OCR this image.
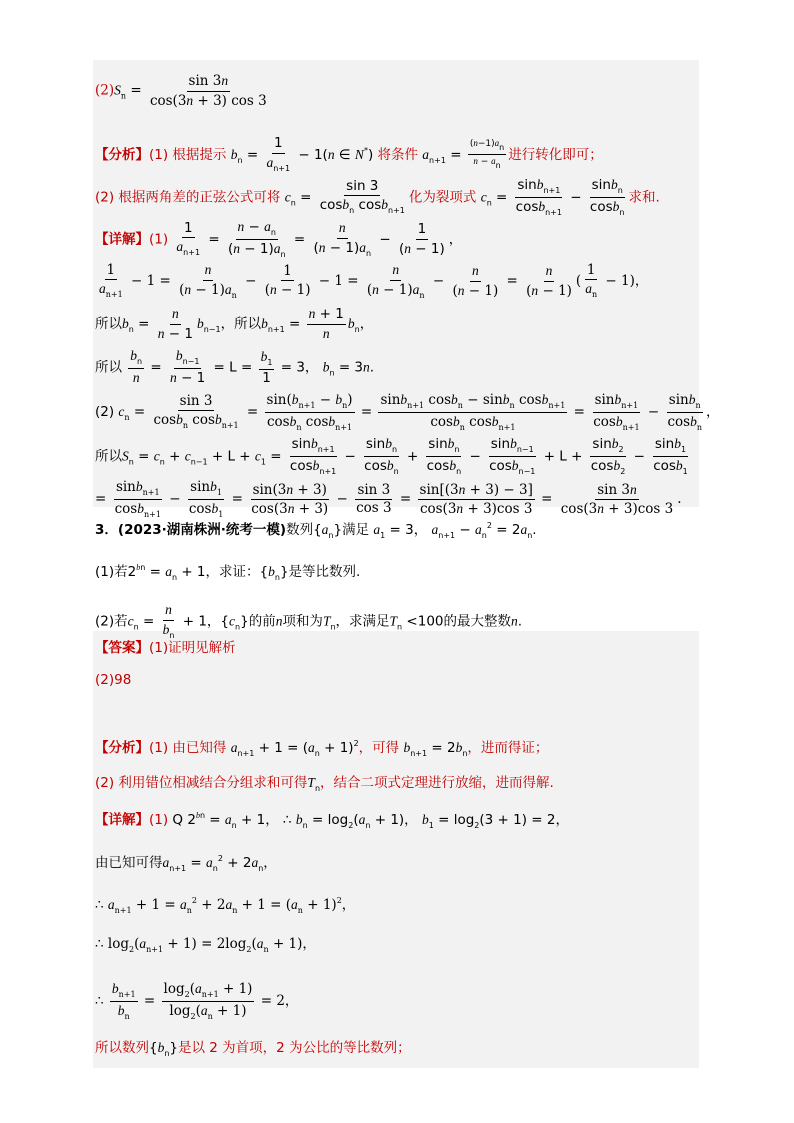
$(2)S_n = \frac{\sin 3n}{\cos(3n + 3) \cos 3}$
【分析】(1) 根据提示 $b_n = \frac{1}{a_{n+1}} - 1(n$ ∈ N*) 将条件 $a_{n+1} = \frac{(n-1)an}{n - an}$ 进行转化即可；
(2) 根据两角差的正弦公式可将 $c_n = \frac{\sin 3}{\cos b_n \cos b_{n+1}}$ 化为裂项式 $c_n = \frac{\sin b_{n+1}}{\cos b_{n+1}} - \frac{\sin b_n}{\cos b_n}$ 求和.
【详解】$(1) \frac{1}{a_{n+1}} = \frac{n - a_n}{(n - 1)a_n} = \frac{n}{(n - 1)a_n} - \frac{1}{(n - 1)}$ ，
$\frac{1}{a_{n+1}} - 1 = \frac{n}{(n - 1)a_n} - \frac{1}{(n - 1)} - 1 = \frac{n}{(n - 1)a_n} - \frac{n}{(n - 1)} = \frac{n}{(n - 1)}$ ( $\frac{1}{a_n} - 1$)，
所以$b_n = \frac{n}{n - 1} b_{n-1}$，所以$b_{n+1} = \frac{n + 1}{n} b_n$，
所以 $\frac{b_n}{n} = \frac{b_{n-1}}{n - 1} = L = \frac{b_1}{1} = 3$， $b_n = 3n$.
(2) $c_n = \frac{\sin 3}{\cos b_n \cos b_{n+1}} = \frac{\sin(b_{n+1} - b_n)}{\cos b_n \cos b_{n+1}} = \frac{\sin b_{n+1} \cos b_n - \sin b_n \cos b_{n+1}}{\cos b_n \cos b_{n+1}} = \frac{\sin b_{n+1}}{\cos b_{n+1}} - \frac{\sin b_n}{\cos b_n}$ ，
所以$S_n = c_n + c_{n-1} + L + c_1 = \frac{\sin b_{n+1}}{\cos b_{n+1}} - \frac{\sin b_n}{\cos b_n} + \frac{\sin b_n}{\cos b_n} - \frac{\sin b_{n-1}}{\cos b_{n-1}} + L + \frac{\sin b_2}{\cos b_2} - \frac{\sin b_1}{\cos b_1}$
= $\frac{\sin b_{n+1}}{\cos b_{n+1}} - \frac{\sin b_1}{\cos b_1} = \frac{\sin(3n + 3)}{\cos(3n + 3)} - \frac{\sin 3}{\cos 3} = \frac{\sin[(3n + 3) - 3]}{\cos(3n + 3)\cos 3} = \frac{\sin 3n}{\cos(3n + 3)\cos 3}$ .
3．(2023·湖南株洲·统考一模)数列$\{a_n\}$满足 $a_1 = 3$， $a_{n+1} - a_n^2 = 2a_n$.
(1)若$2^{bn} = a_n + 1$，求证：$\{b_n\}$是等比数列.
(2)若$c_n = \frac{n}{b_n} + 1$，$\{c_n\}$的前n项和为$T_n$，求满足$T_n <100$的最大整数n.
【答案】(1)证明见解析
(2)98
【分析】(1) 由已知得 $a_{n+1} + 1 = (a_n + 1)^2$，可得 $b_{n+1} = 2b_n$，进而得证；
(2) 利用错位相减结合分组求和可得$T_n$，结合二项式定理进行放缩，进而得解.
【详解】(1) Q $2^{bn} = a_n + 1$， ∴ $b_n = \log_2(a_n + 1)$， $b_1 = \log_2(3 + 1) = 2$，
由已知可得$a_{n+1} = a_n^2 + 2a_n$，
∴ $a_{n+1} + 1 = a_n^2 + 2a_n + 1 = (a_n + 1)^2$，
∴ $\log_2(a_{n+1} + 1) = 2\log_2(a_n + 1)$，
∴ $\frac{b_{n+1}}{b_n} = \frac{\log_2(a_{n+1} + 1)}{\log_2(a_n + 1)} = 2$，
所以数列$\{b_n\}$是以 2 为首项，2 为公比的等比数列；
